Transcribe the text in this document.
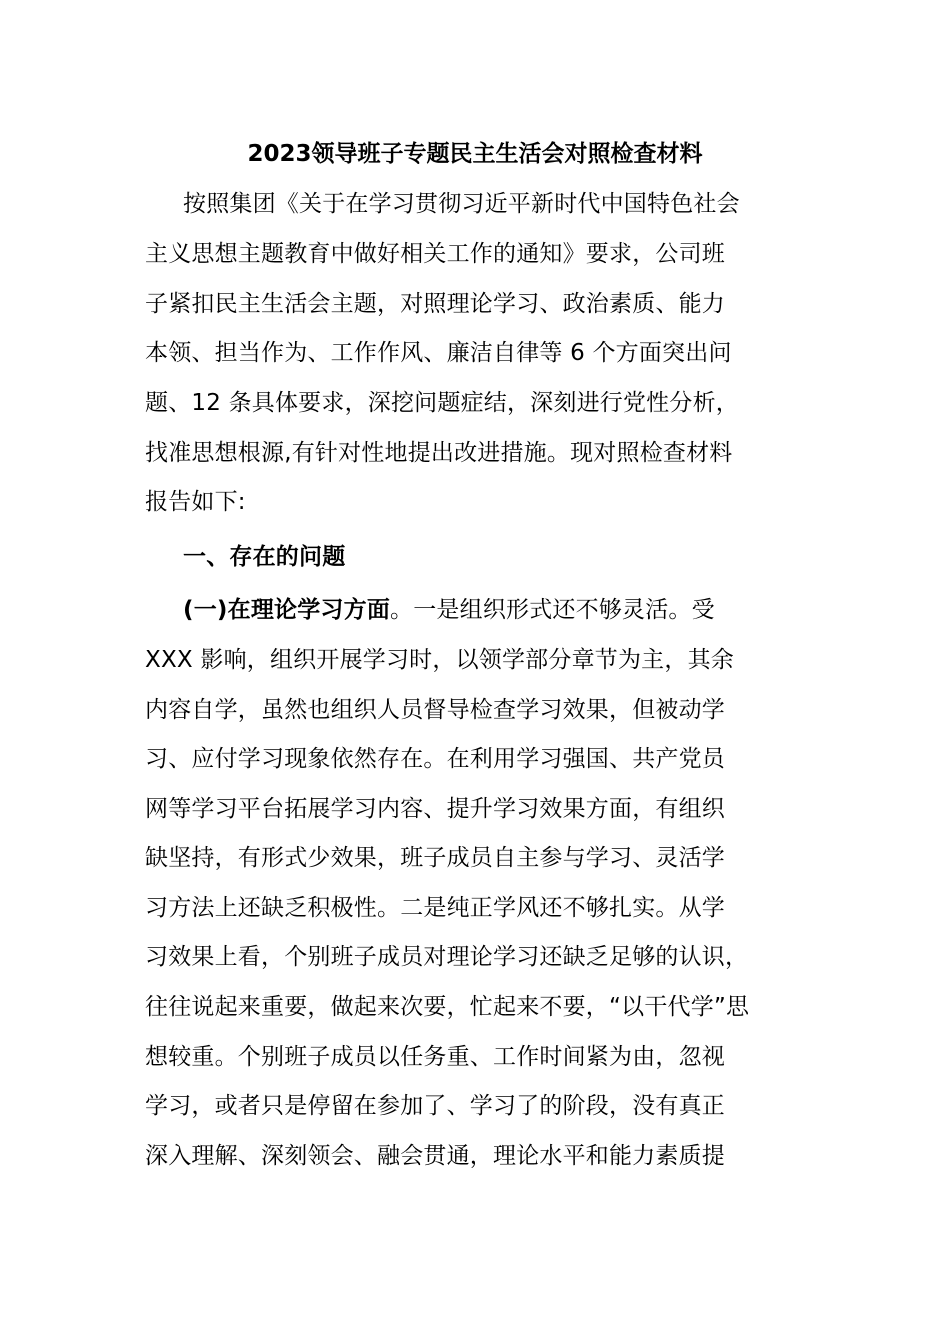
2023领导班子专题民主生活会对照检查材料
按照集团《关于在学习贯彻习近平新时代中国特色社会
主义思想主题教育中做好相关工作的通知》要求，公司班
子紧扣民主生活会主题，对照理论学习、政治素质、能力
本领、担当作为、工作作风、廉洁自律等 6 个方面突出问
题、12 条具体要求，深挖问题症结，深刻进行党性分析，
找准思想根源,有针对性地提出改进措施。现对照检查材料
报告如下:
一、存在的问题
(一)在理论学习方面。一是组织形式还不够灵活。受
XXX 影响，组织开展学习时，以领学部分章节为主，其余
内容自学，虽然也组织人员督导检查学习效果，但被动学
习、应付学习现象依然存在。在利用学习强国、共产党员
网等学习平台拓展学习内容、提升学习效果方面，有组织
缺坚持，有形式少效果，班子成员自主参与学习、灵活学
习方法上还缺乏积极性。二是纯正学风还不够扎实。从学
习效果上看，个别班子成员对理论学习还缺乏足够的认识，
往往说起来重要，做起来次要，忙起来不要，“以干代学”思
想较重。个别班子成员以任务重、工作时间紧为由，忽视
学习，或者只是停留在参加了、学习了的阶段，没有真正
深入理解、深刻领会、融会贯通，理论水平和能力素质提
